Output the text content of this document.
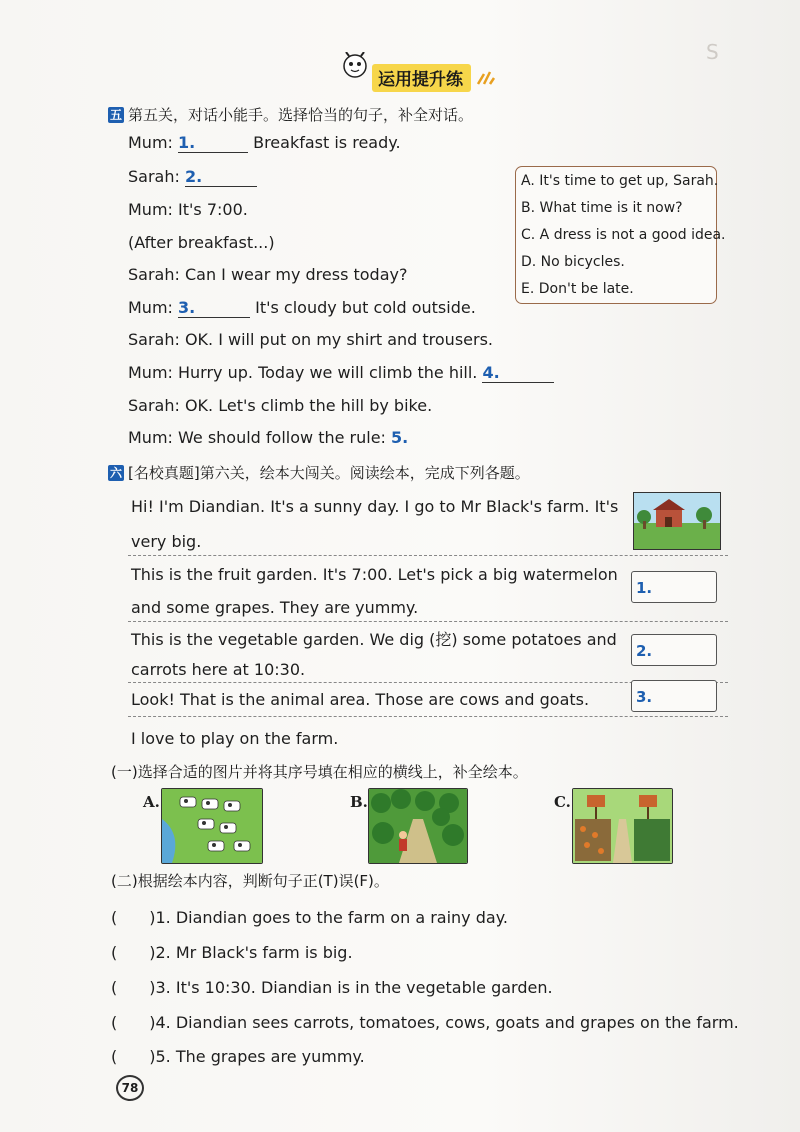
S
运用提升练
五 第五关，对话小能手。选择恰当的句子，补全对话。
Mum: 1.	Breakfast is ready.
Sarah: 2.
Mum: It's 7:00.
(After breakfast...)
Sarah: Can I wear my dress today?
Mum: 3.	It's cloudy but cold outside.
Sarah: OK. I will put on my shirt and trousers.
Mum: Hurry up. Today we will climb the hill. 4.
Sarah: OK. Let's climb the hill by bike.
Mum: We should follow the rule: 5.
A. It's time to get up, Sarah.
B. What time is it now?
C. A dress is not a good idea.
D. No bicycles.
E. Don't be late.
六 [名校真题]第六关，绘本大闯关。阅读绘本，完成下列各题。
Hi! I'm Diandian. It's a sunny day. I go to Mr Black's farm. It's
very big.
This is the fruit garden. It's 7:00. Let's pick a big watermelon
and some grapes. They are yummy.
1.
This is the vegetable garden. We dig (挖) some potatoes and
carrots here at 10:30.
2.
Look! That is the animal area. Those are cows and goats.	3.
I love to play on the farm.
(一)选择合适的图片并将其序号填在相应的横线上，补全绘本。
A.	B.	C.
(二)根据绘本内容，判断句子正(T)误(F)。
(　　)1. Diandian goes to the farm on a rainy day.
(　　)2. Mr Black's farm is big.
(　　)3. It's 10:30. Diandian is in the vegetable garden.
(　　)4. Diandian sees carrots, tomatoes, cows, goats and grapes on the farm.
(　　)5. The grapes are yummy.
78
